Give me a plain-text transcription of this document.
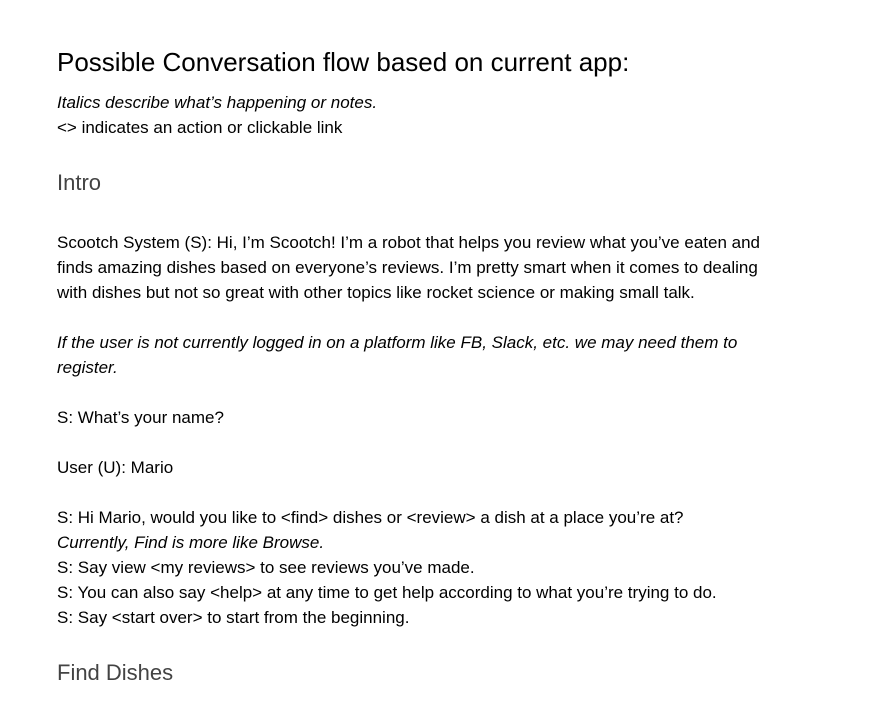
Possible Conversation flow based on current app:
Italics describe what’s happening or notes.
<> indicates an action or clickable link
Intro
Scootch System (S): Hi, I’m Scootch! I’m a robot that helps you review what you’ve eaten and
finds amazing dishes based on everyone’s reviews. I’m pretty smart when it comes to dealing
with dishes but not so great with other topics like rocket science or making small talk.
If the user is not currently logged in on a platform like FB, Slack, etc. we may need them to
register.
S: What’s your name?
User (U): Mario
S: Hi Mario, would you like to <find> dishes or <review> a dish at a place you’re at?
Currently, Find is more like Browse.
S: Say view <my reviews> to see reviews you’ve made.
S: You can also say <help> at any time to get help according to what you’re trying to do.
S: Say <start over> to start from the beginning.
Find Dishes
